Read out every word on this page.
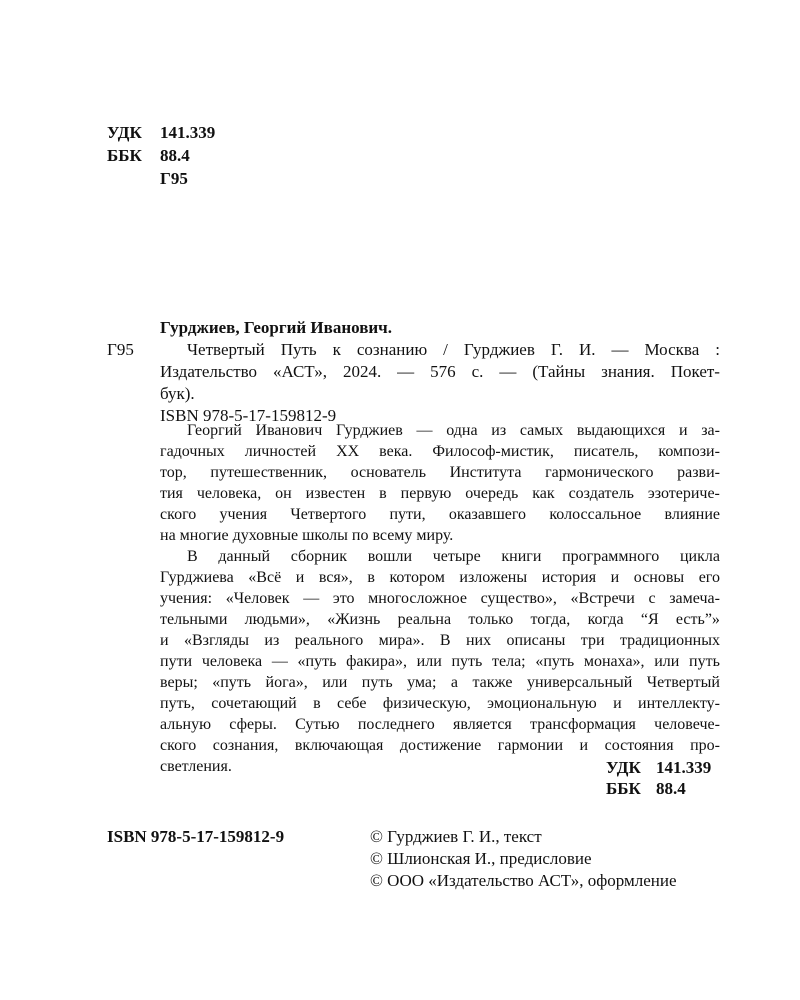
УДК 141.339
ББК 88.4
Г95
Гурджиев, Георгий Иванович.
Г95	Четвертый Путь к сознанию / Гурджиев Г. И. — Москва :
Издательство «АСТ», 2024. — 576 с. — (Тайны знания. Покет-
бук).
ISBN 978-5-17-159812-9
Георгий Иванович Гурджиев — одна из самых выдающихся и за-
гадочных личностей XX века. Философ-мистик, писатель, компози-
тор, путешественник, основатель Института гармонического разви-
тия человека, он известен в первую очередь как создатель эзотериче-
ского учения Четвертого пути, оказавшего колоссальное влияние
на многие духовные школы по всему миру.
В данный сборник вошли четыре книги программного цикла
Гурджиева «Всё и вся», в котором изложены история и основы его
учения: «Человек — это многосложное существо», «Встречи с замеча-
тельными людьми», «Жизнь реальна только тогда, когда “Я есть”»
и «Взгляды из реального мира». В них описаны три традиционных
пути человека — «путь факира», или путь тела; «путь монаха», или путь
веры; «путь йога», или путь ума; а также универсальный Четвертый
путь, сочетающий в себе физическую, эмоциональную и интеллекту-
альную сферы. Сутью последнего является трансформация человече-
ского сознания, включающая достижение гармонии и состояния про-
светления.	УДК 141.339
ББК 88.4
ISBN 978-5-17-159812-9	© Гурджиев Г. И., текст
© Шлионская И., предисловие
© ООО «Издательство АСТ», оформление
